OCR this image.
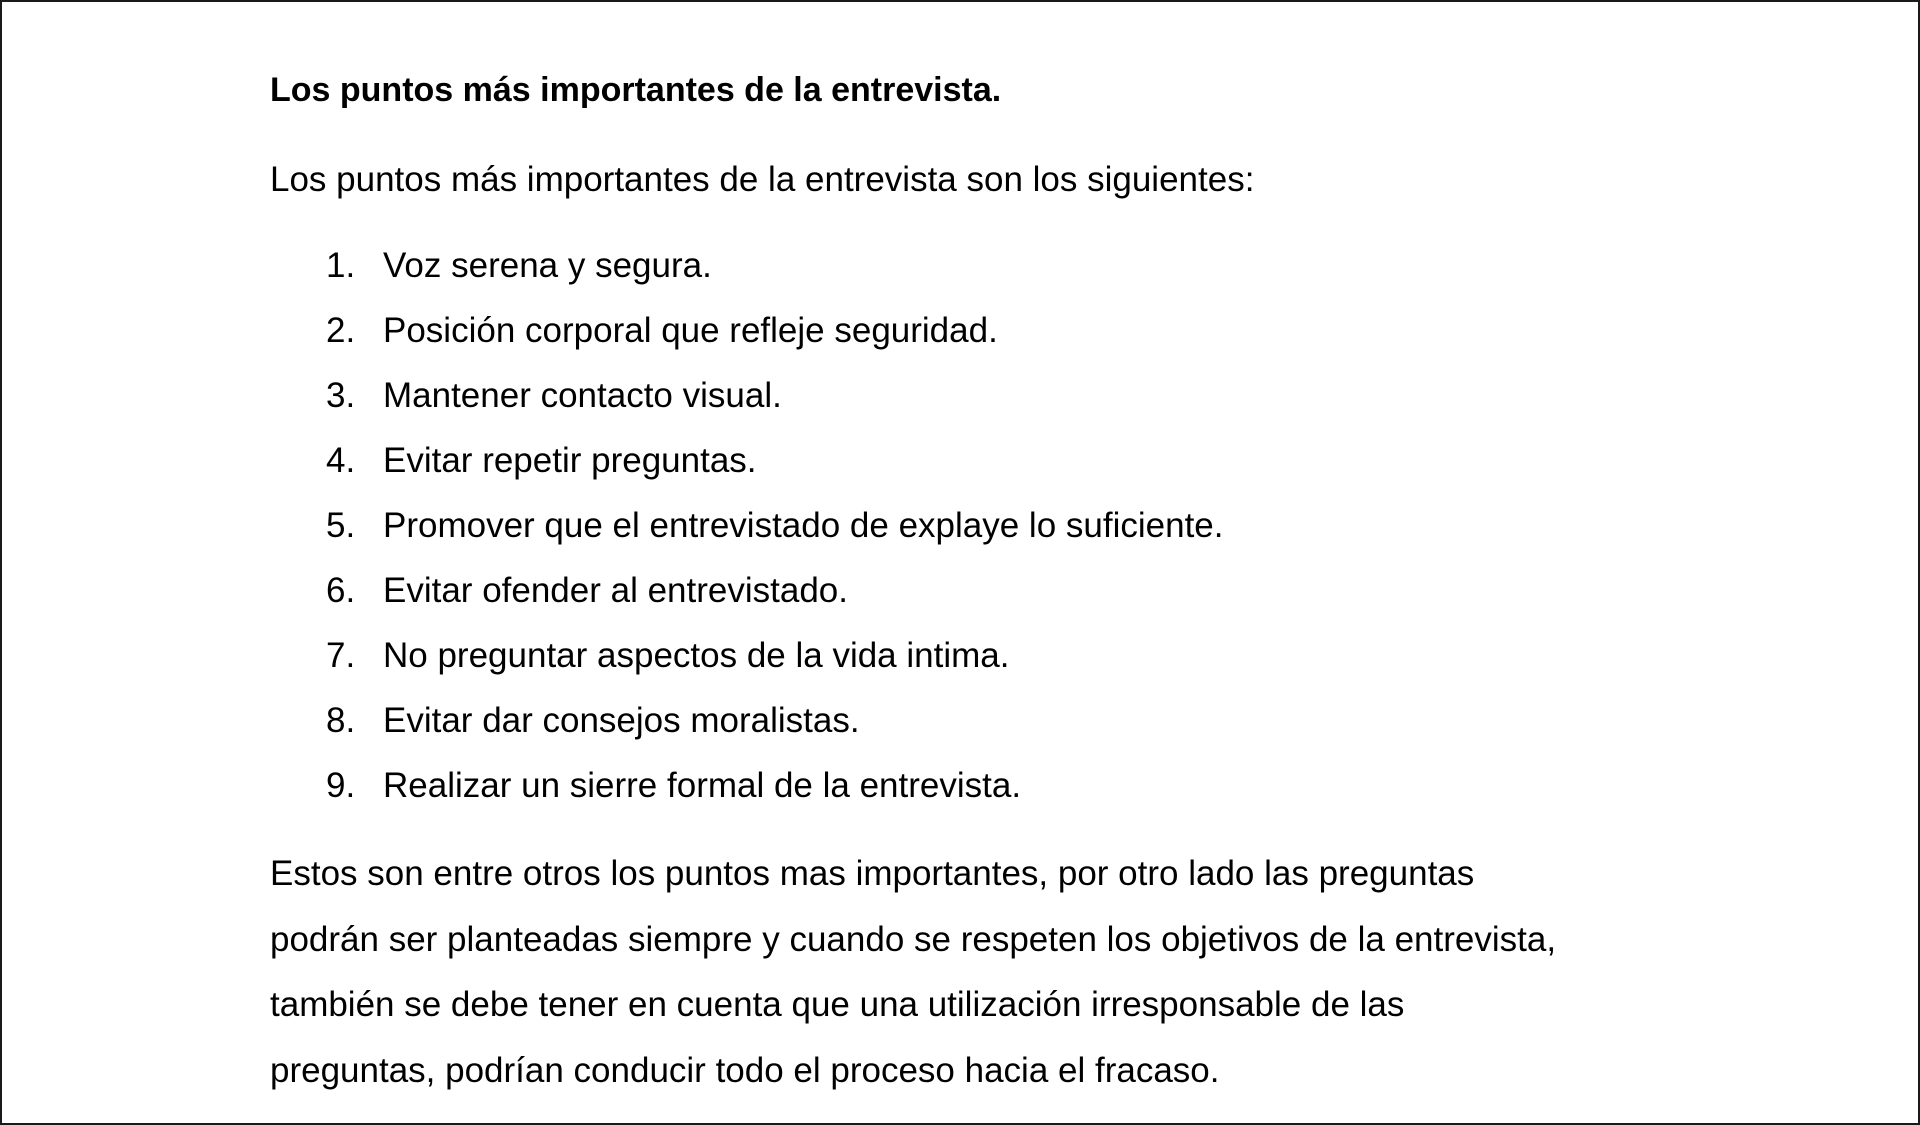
Los puntos más importantes de la entrevista.

Los puntos más importantes de la entrevista son los siguientes:

1. Voz serena y segura.
2. Posición corporal que refleje seguridad.
3. Mantener contacto visual.
4. Evitar repetir preguntas.
5. Promover que el entrevistado de explaye lo suficiente.
6. Evitar ofender al entrevistado.
7. No preguntar aspectos de la vida intima.
8. Evitar dar consejos moralistas.
9. Realizar un sierre formal de la entrevista.

Estos son entre otros los puntos mas importantes, por otro lado las preguntas
podrán ser planteadas siempre y cuando se respeten los objetivos de la entrevista,
también se debe tener en cuenta que una utilización irresponsable de las
preguntas, podrían conducir todo el proceso hacia el fracaso.
